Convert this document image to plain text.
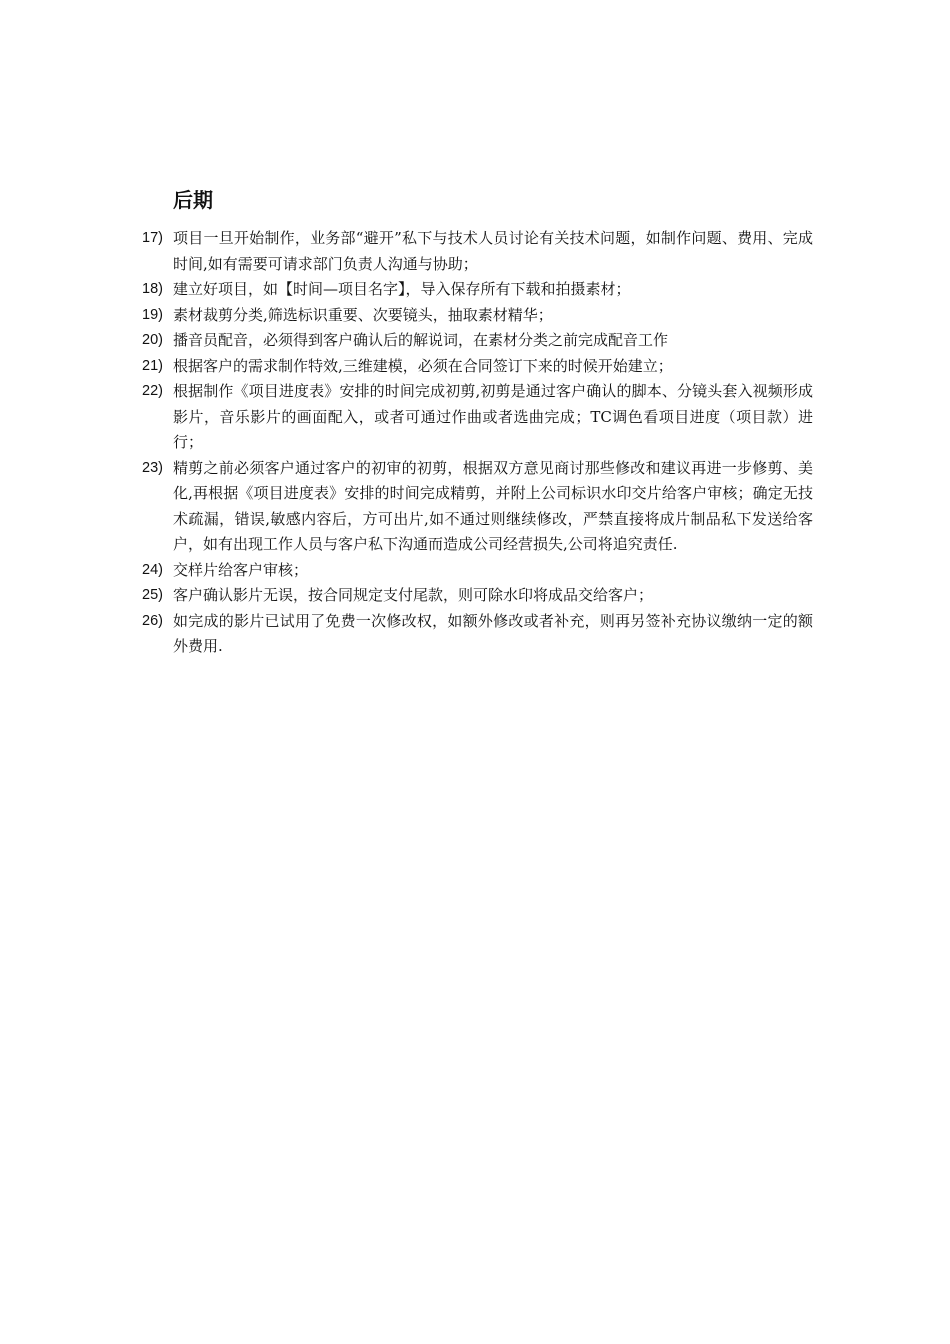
后期
17) 项目一旦开始制作，业务部“避开”私下与技术人员讨论有关技术问题，如制作问题、费用、完成时间,如有需要可请求部门负责人沟通与协助；
18) 建立好项目，如【时间—项目名字】，导入保存所有下载和拍摄素材；
19) 素材裁剪分类,筛选标识重要、次要镜头，抽取素材精华；
20) 播音员配音，必须得到客户确认后的解说词，在素材分类之前完成配音工作
21) 根据客户的需求制作特效,三维建模，必须在合同签订下来的时候开始建立；
22) 根据制作《项目进度表》安排的时间完成初剪,初剪是通过客户确认的脚本、分镜头套入视频形成影片，音乐影片的画面配入，或者可通过作曲或者选曲完成；TC调色看项目进度（项目款）进行；
23) 精剪之前必须客户通过客户的初审的初剪，根据双方意见商讨那些修改和建议再进一步修剪、美化,再根据《项目进度表》安排的时间完成精剪，并附上公司标识水印交片给客户审核；确定无技术疏漏，错误,敏感内容后，方可出片,如不通过则继续修改，严禁直接将成片制品私下发送给客户，如有出现工作人员与客户私下沟通而造成公司经营损失,公司将追究责任.
24) 交样片给客户审核；
25) 客户确认影片无误，按合同规定支付尾款，则可除水印将成品交给客户；
26) 如完成的影片已试用了免费一次修改权，如额外修改或者补充，则再另签补充协议缴纳一定的额外费用.
